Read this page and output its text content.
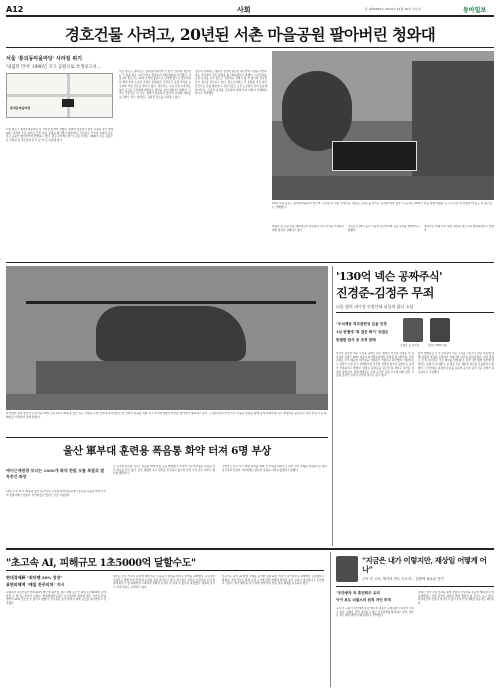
A12	사회	온 제29905호 2013년 12월 16일 수요일	동아일보
경호건물 사려고, 20년된 서촌 마을공원 팔아버린 청와대
서울 '통의동마을마당' 사라질 위기
'내림막 민어' 1996년 지구 공원으로 착생보고서...
서울 종로구 통의동마을마당 이 사라질 위기에 처했다. 청와대 경호처가 경호 시설을 짓기 위해 20년 가까이 주민 쉼터로 쓰인 마을 공원을 매각했기 때문이다. 주민들은 서촌의 마지막 남은 작은 공원이 없어진다며 반발하고 있다. 종로구에 따르면 이 공원 부지는 1996년 지구 공원으로 지정된 뒤 주민들의 휴식 공간으로 이용돼 왔다.
서울 종로구 통의동은 '통의동마을마당'이 있다. 청와대 경호처는 이 땅을 경호 시설 부지로 활용하기 위해 매입을 추진했다. 서울시와 종로구는 20년 가까이 공원으로 관리해 왔으나 경호처와의 협의 끝에 소유권 이전이 결정됐다. 주민들은 공원 존치를 요구하며 서명 운동을 벌이고 있다. 경호처는 시설 신축 이후에도 일부 공간을 주민에게 개방하는 방안을 검토하겠다고 밝혔다. 그러나 주민들은 이 같은 설명이 충분하지 않다며 공청회 개최를 요구했다. 인근 상인들도 관광객 감소를 우려하고 있다.
경호처 관계자는 대통령 경호에 필요한 최소한의 시설을 마련하려는 것이라며 주민 불편을 최소화하겠다고 말했다. 시민단체는 공공 녹지를 사적 용도로 전환하는 선례가 될 수 있다며 감사원 감사 청구를 검토하고 있다. 종로구의회도 이 문제를 다음 회기 안건으로 다룰 예정이다. 전문가들은 도심 소공원이 지역 공동체에 미치는 긍정적 효과를 강조하며 대체 부지 마련이 선행돼야 한다고 지적했다.
통의동마을마당
12일 서울 종로구 통의동마을마당 입구에 '소유권 이 전된 안정작용' 새로운 포인트를 알리는 표지판 대상 있다. 이 공원은 20여년 전을 설해 택평을 보고 주민들 여 설명어 마 동구 인결된 맞는 강해였다.
박물관 및 공원 이용 예약제도와 관련하여 주민 의견을 수렴하기 위한 절차가 진행되고 있다.
주민들은 20년 동안 이용한 공간이라며 공원 유지를 희망한다고 밝혔다.
경호처는 대체 부지 확보 방안을 종로구와 협의하겠다고 말했다.
부상입한 환자 헬기로 긴급이송 13일 오전 11시 47분쯤 울산 북구 신현동 소재 군부대 탄약저장소 의 안에서 폭음통 폭발 사고 부상자 6명이 비상용 헬기에서 내려지고 있다. 두 명의 병원 부상 이후 이송되 앞장을 향해 동계 외래부대 사고 발생장을 중심으로 다른 인원 수집 피해자들 사망자가 관계 되었다.
울산 軍부대 훈련용 폭음통 화약 터져 6명 부상
에어근계원량 보다는 1600개 화약 한빛 모를 폭발로 발목중간·화망
13일 오전 11시 47분쯤 울산 북구의 한 군부대 탄약저장소에서 훈련용 폭음통 화약이 터져 장병 6명이 다쳤다. 부상자들은 헬기로 긴급 이송됐다.
군 당국에 따르면 사고는 폭음통 해체 작업 도중 발생했다. 부상자 가운데 2명은 중상을 입어 치료를 받고 있다. 군은 정확한 사고 원인을 조사하고 있으며 안전 수칙 준수 여부도 확인할 예정이다.
국방부는 유사 사고 재발 방지를 위해 전 부대를 대상으로 탄약 관리 실태를 점검하기로 했다. 유가족과 부상자 가족에게는 필요한 지원을 아끼지 않겠다고 밝혔다.
'130억 넥슨 공짜주식'
진경준-김정주 무죄
뇌물 혐의 대가성 인정안돼 뇌물죄 없다 소심
진경준 등 검사장	김정주 NXC 대표
"주식제공 직무관련성 있음 인정
1심 판결에 '특 검은 화이' 뒤집는
판결한 판사 등 조정 판례
자신이 보유한 넥슨 주식을 공짜로 받은 혐의로 기소된 진경준 전 검사장과 김정주 NXC 대표가 파기환송심에서 무죄를 선고받았다. 서울고법은 주식 제공의 대가성을 인정하기 어렵다고 판단했다. 재판부는 두 사람이 오랜 친구 관계였으며 직무와 관련된 청탁이 있었다는 증거가 부족하다고 밝혔다. 검찰은 판결문을 검토한 뒤 재상고 여부를 결정할 방침이다. 법조계에서는 고위 공직자 금품 수수에 대한 판단 기준을 둘러싼 논란이 이어질 것으로 보고 있다.
앞서 대법원은 진 전 검사장이 넥슨 주식을 무상으로 받은 부분에 대해 뇌물죄 성립을 인정하기 어렵다며 사건을 돌려보냈다. 이번 판결로 진 전 검사장은 주요 혐의를 벗게 됐다. 다만 다른 혐의 일부에 대해서는 유죄가 유지됐다. 김 대표 측은 재판부 판단을 존중한다고 밝혔다. 시민단체는 판결에 유감을 표하며 공직자 윤리 기준 강화가 필요하다고 주장했다.
"초고속 AI, 피해규모 1초5000억 달할수도"
현대경제硏 "최악땐 20% 성장"
표면피해액 "매일 전주의처" 지시
고병원성 조류인플루엔자(AI)가 빠르게 확산할 경우 피해 규모가 최대 1조5000억 원에 달할 수 있다는 분석이 나왔다. 현대경제연구원은 보고서에서 최악의 경우 가금류 산업 생산이 20% 감소할 수 있다고 밝혔다. 연구원은 초기 방역이 피해 규모를 좌우한다고 강조했다.
정부는 전국 가금류 농장에 대해 일시 이동중지 명령을 내리고 방역을 강화했다. 농림축산식품부는 발생 지역 반경 내 농장을 집중 관리하고 있다. 연구원은 살처분 보상금과 소비 위축에 따른 간접 피해까지 고려하면 경제적 손실이 더 커질 수 있다고 설명했다. 계란과 닭고기 가격 상승도 우려되고 있다.
보고서는 과거 AI 발생 사례를 분석한 결과 확산 기간이 길어질수록 피해액이 급증했다고 밝혔다. 전문가들은 철새 도래 시기에 맞춘 선제적 방역과 농가 교육이 필요하다고 조언했다. 정부는 추가 확산을 막기 위해 관계 부처 합동 대응 체계를 가동하고 있다.
"지금은 내가 이렇지만, 재상일 어떻게 어나"
구속 전 고씨, 병사의 연두 모르자... 검찰에 폭로된 증언
"조만종자 차 휴민회주 유리
이야 보도 뇌물스의 원칙 저인 투적
구속 전 고씨가 지인에게 보낸 메시지 내용이 공개되면서 파장이 커지고 있다. 검찰은 관련 증언을 토대로 사실관계를 확인하고 있다. 변호인 측은 해당 발언이 왜곡됐다고 반박했다.
검찰은 추가 소환 조사를 통해 진술의 신빙성을 검증할 계획이다. 법조계에서는 이번 증언이 재판의 핵심 쟁점이 될 것으로 보고 있다. 관련자들의 진술이 엇갈리고 있어 수사가 장기화될 가능성도 제기된다.
